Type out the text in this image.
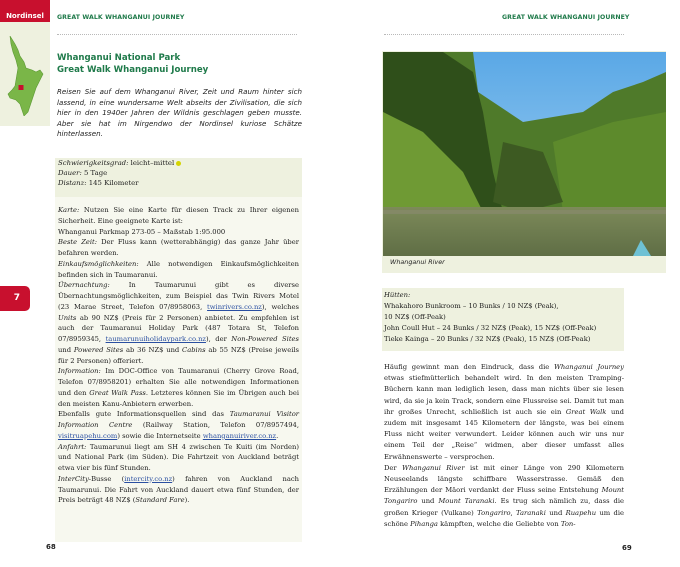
Nordinsel
7
GREAT WALK WHANGANUI JOURNEY
Whanganui National Park
Great Walk Whanganui Journey
Reisen Sie auf dem Whanganui River, Zeit und Raum hinter sich lassend, in eine wundersame Welt abseits der Zivilisation, die sich hier in den 1940er Jahren der Wildnis geschlagen geben musste. Aber sie hat im Nirgendwo der Nordinsel kuriose Schätze hinterlassen.
Schwierigkeitsgrad: leicht–mittel
Dauer: 5 Tage
Distanz: 145 Kilometer

Karte: Nutzen Sie eine Karte für diesen Track zu Ihrer eigenen Sicherheit. Eine geeignete Karte ist:
Whanganui Parkmap 273-05 – Maßstab 1:95.000

Beste Zeit: Der Fluss kann (wetterabhängig) das ganze Jahr über befahren werden.

Einkaufsmöglichkeiten: Alle notwendigen Einkaufsmöglichkeiten befinden sich in Taumaranui.

Übernachtung:	In Taumarunui gibt es diverse Übernachtungsmöglichkeiten, zum Beispiel das Twin Rivers Motel (23 Marae Street, Telefon 07/8958063, twinrivers.co.nz), welches Units ab 90 NZ$ (Preis für 2 Personen) anbietet. Zu empfehlen ist auch der Taumaranui Holiday Park (487 Totara St, Telefon 07/8959345, taumarunuiholidaypark.co.nz), der Non-Powered Sites und Powered Sites ab 36 NZ$ und Cabins ab 55 NZ$ (Preise jeweils für 2 Personen) offeriert.

Information: Im DOC-Office von Taumaranui (Cherry Grove Road, Telefon 07/8958201) erhalten Sie alle notwendigen Informationen und den Great Walk Pass. Letzteres können Sie im Übrigen auch bei den meisten Kanu-Anbietern erwerben.

Ebenfalls gute Informationsquellen sind das Taumaranui Visitor Information Centre (Railway Station, Telefon 07/8957494, visitruapehu.com) sowie die Internetseite whanganuiriver.co.nz.

Anfahrt: Taumarunui liegt am SH 4 zwischen Te Kuiti (im Norden) und National Park (im Süden). Die Fahrtzeit von Auckland beträgt etwa vier bis fünf Stunden.

InterCity-Busse (intercity.co.nz) fahren von Auckland nach Taumarunui. Die Fahrt von Auckland dauert etwa fünf Stunden, der Preis beträgt 48 NZ$ (Standard Fare).

68
GREAT WALK WHANGANUI JOURNEY
Whanganui River
Hütten:
Whakahoro Bunkroom – 10 Bunks / 10 NZ$ (Peak),
10 NZ$ (Off-Peak)
John Coull Hut – 24 Bunks / 32 NZ$ (Peak), 15 NZ$ (Off-Peak)
Tieke Kainga – 20 Bunks / 32 NZ$ (Peak), 15 NZ$ (Off-Peak)

Häufig gewinnt man den Eindruck, dass die Whanganui Journey etwas stiefmütterlich behandelt wird. In den meisten Tramping-Büchern kann man lediglich lesen, dass man nichts über sie lesen wird, da sie ja kein Track, sondern eine Flussreise sei. Damit tut man ihr großes Unrecht, schließlich ist auch sie ein Great Walk und zudem mit insgesamt 145 Kilometern der längste, was bei einem Fluss nicht weiter verwundert. Leider können auch wir uns nur einem Teil der „Reise“ widmen, aber dieser umfasst alles Erwähnenswerte – versprochen.

Der Whanganui River ist mit einer Länge von 290 Kilometern Neuseelands längste schiffbare Wasserstrasse. Gemäß den Erzählungen der Māori verdankt der Fluss seine Entstehung Mount Tongariro und Mount Taranaki. Es trug sich nämlich zu, dass die großen Krieger (Vulkane) Tongariro, Taranaki und Ruapehu um die schöne Pihanga kämpften, welche die Geliebte von Ton-

69
